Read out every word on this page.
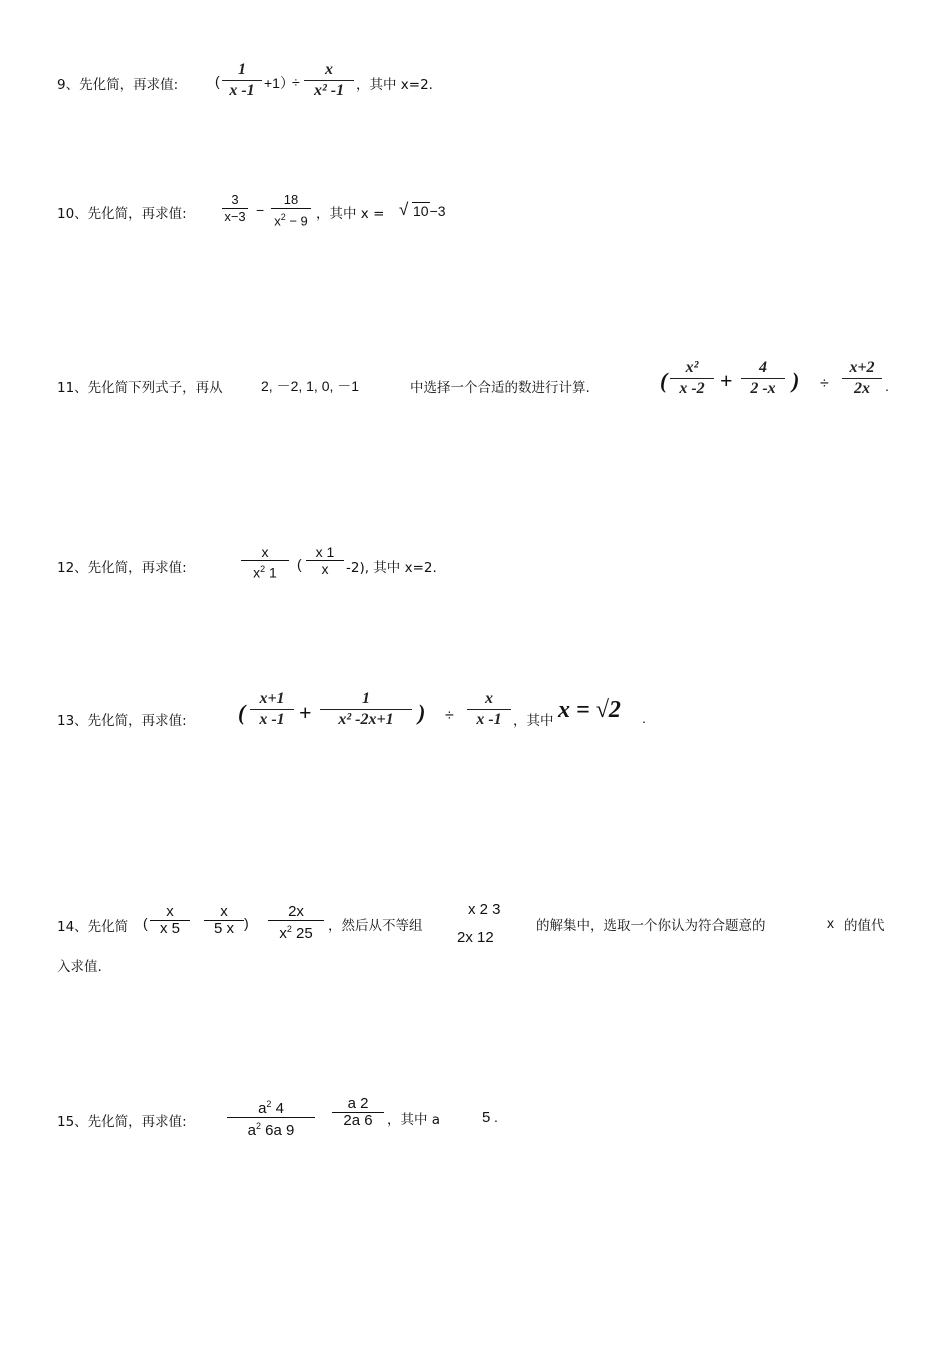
9、先化简，再求值:	( $\frac{1}{x -1} +1$）
÷ $\frac{x}{\text{x² -1}}$ ，其中 x=2.
10、先化简，再求值:	$\frac{3}{x-3} - \frac{18}{x^2 - 9}$ ，其中 x = √ 10−3
11、先化简下列式子，再从	2, －2, 1, 0, －1	中选择一个合适的数进行计算.	( $\frac{\text{x²}}{x -2} + \frac{4}{2 -x}$ ) ÷ $\frac{x+2}{2x}$ .
12、先化简，再求值:	$\frac{x}{x^2 1}$ ( $\frac{x 1}{x} -2$), 其中 x=2.
13、先化简，再求值: ( $\frac{x+1}{x -1} + \frac{1}{\text{x² -2x+1}}$ ) ÷ $\frac{x}{x -1}$ ，其中 x = √2 .
14、先化简 ( $\frac{x}{x 5} \frac{x}{5 x}$ ) $\frac{2x}{x^2 25}$ ，然后从不等组
x 2 3
2x 12
的解集中，选取一个你认为符合题意的	x 的值代
入求值.
15、先化简，再求值:	$\frac{a^2 4}{a^2 6a 9} \frac{a 2}{2a 6}$ ，其中 a	5 .
